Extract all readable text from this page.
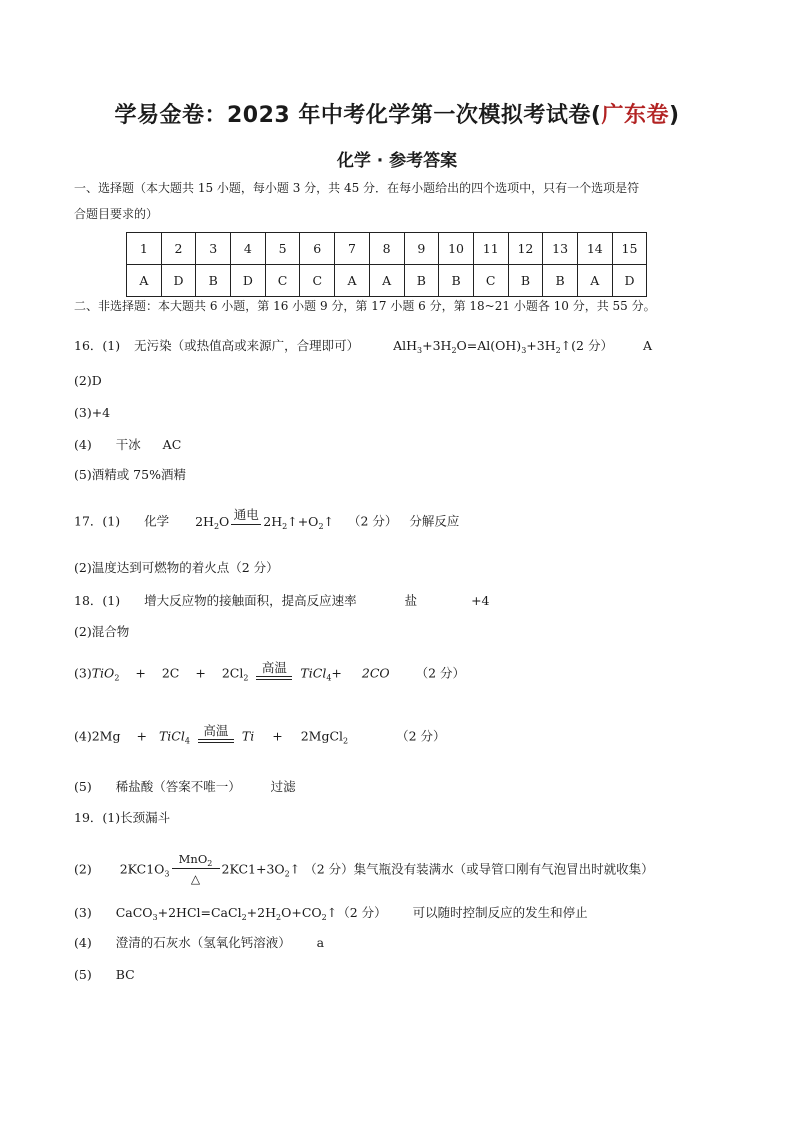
学易金卷：2023 年中考化学第一次模拟考试卷(广东卷)
化学 · 参考答案
一、选择题（本大题共 15 小题，每小题 3 分，共 45 分．在每小题给出的四个选项中，只有一个选项是符
合题目要求的）
1	2	3	4	5	6	7	8	9	10	11	12	13	14	15
A	D	B	D	C	C	A	A	B	B	C	B	B	A	D
二、非选择题：本大题共 6 小题，第 16 小题 9 分，第 17 小题 6 分，第 18~21 小题各 10 分，共 55 分。
16．(1) 无污染（或热值高或来源广，合理即可）	$AlH_3+3H_2O=Al(OH)_3+3H_2↑(2$ 分） A
(2)D
(3)+4
(4) 干冰 AC
(5)酒精或 75%酒精
17．(1) 化学 $2H_2O$ 通电 $2H_2↑+O_2↑$ （2 分） 分解反应
(2)温度达到可燃物的着火点（2 分）
18．(1) 增大反应物的接触面积，提高反应速率	盐	+4
(2)混合物
$(3)TiO_2 + 2C + 2Cl_2$
高温	TiCl$_4$+ 2CO （2 分）
(4)2Mg + TiCl$_4$
高温	Ti + 2MgCl$_2$	（2 分）
(5) 稀盐酸（答案不唯一） 过滤
19．(1)长颈漏斗
(2) $2KC1O_3$
MnO$_2$
△
$2KC1+3O_2↑$ （2 分）集气瓶没有装满水（或导管口刚有气泡冒出时就收集）
(3) $CaCO_3+2HCl=CaCl_2+2H_2O+CO_2↑(2$ 分） 可以随时控制反应的发生和停止
(4) 澄清的石灰水（氢氧化钙溶液） a
(5) BC
